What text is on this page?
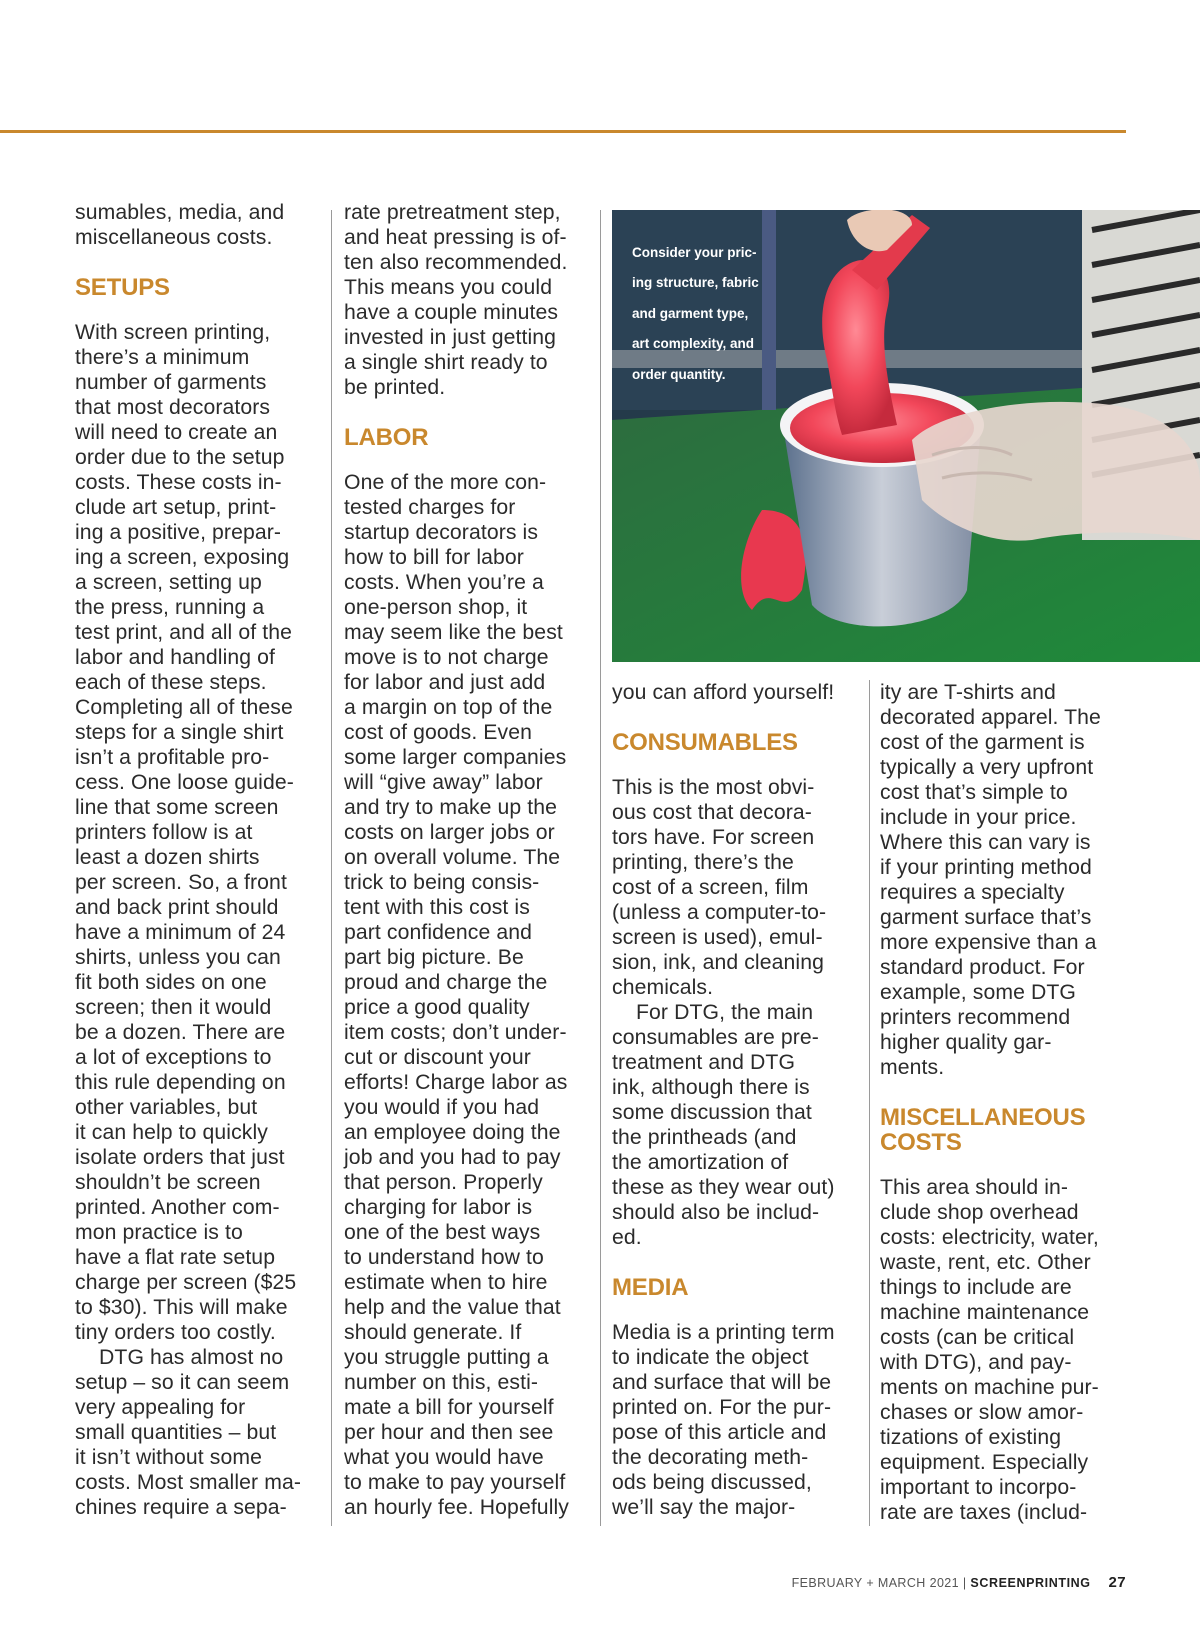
sumables, media, and

miscellaneous costs.

SETUPS

With screen printing,

there’s a minimum

number of garments

that most decorators

will need to create an

order due to the setup

costs. These costs in-

clude art setup, print-

ing a positive, prepar-

ing a screen, exposing

a screen, setting up

the press, running a

test print, and all of the

labor and handling of

each of these steps.

Completing all of these

steps for a single shirt

isn’t a profitable pro-

cess. One loose guide-

line that some screen

printers follow is at

least a dozen shirts

per screen. So, a front

and back print should

have a minimum of 24

shirts, unless you can

fit both sides on one

screen; then it would

be a dozen. There are

a lot of exceptions to

this rule depending on

other variables, but

it can help to quickly

isolate orders that just

shouldn’t be screen

printed. Another com-

mon practice is to

have a flat rate setup

charge per screen ($25

to $30). This will make

tiny orders too costly.

DTG has almost no

setup – so it can seem

very appealing for

small quantities – but

it isn’t without some

costs. Most smaller ma-

chines require a sepa-

rate pretreatment step,

and heat pressing is of-

ten also recommended.

This means you could

have a couple minutes

invested in just getting

a single shirt ready to

be printed.

LABOR

One of the more con-

tested charges for

startup decorators is

how to bill for labor

costs. When you’re a

one-person shop, it

may seem like the best

move is to not charge

for labor and just add

a margin on top of the

cost of goods. Even

some larger companies

will “give away” labor

and try to make up the

costs on larger jobs or

on overall volume. The

trick to being consis-

tent with this cost is

part confidence and

part big picture. Be

proud and charge the

price a good quality

item costs; don’t under-

cut or discount your

efforts! Charge labor as

you would if you had

an employee doing the

job and you had to pay

that person. Properly

charging for labor is

one of the best ways

to understand how to

estimate when to hire

help and the value that

should generate. If

you struggle putting a

number on this, esti-

mate a bill for yourself

per hour and then see

what you would have

to make to pay yourself

an hourly fee. Hopefully

Consider your pric-

ing structure, fabric

and garment type,

art complexity, and

order quantity.

you can afford yourself!

CONSUMABLES

This is the most obvi-

ous cost that decora-

tors have. For screen

printing, there’s the

cost of a screen, film

(unless a computer-to-

screen is used), emul-

sion, ink, and cleaning

chemicals.

For DTG, the main

consumables are pre-

treatment and DTG

ink, although there is

some discussion that

the printheads (and

the amortization of

these as they wear out)

should also be includ-

ed.

MEDIA

Media is a printing term

to indicate the object

and surface that will be

printed on. For the pur-

pose of this article and

the decorating meth-

ods being discussed,

we’ll say the major-

ity are T-shirts and

decorated apparel. The

cost of the garment is

typically a very upfront

cost that’s simple to

include in your price.

Where this can vary is

if your printing method

requires a specialty

garment surface that’s

more expensive than a

standard product. For

example, some DTG

printers recommend

higher quality gar-

ments.

MISCELLANEOUS
COSTS

This area should in-

clude shop overhead

costs: electricity, water,

waste, rent, etc. Other

things to include are

machine maintenance

costs (can be critical

with DTG), and pay-

ments on machine pur-

chases or slow amor-

tizations of existing

equipment. Especially

important to incorpo-

rate are taxes (includ-

FEBRUARY + MARCH 2021 | SCREENPRINTING 27
